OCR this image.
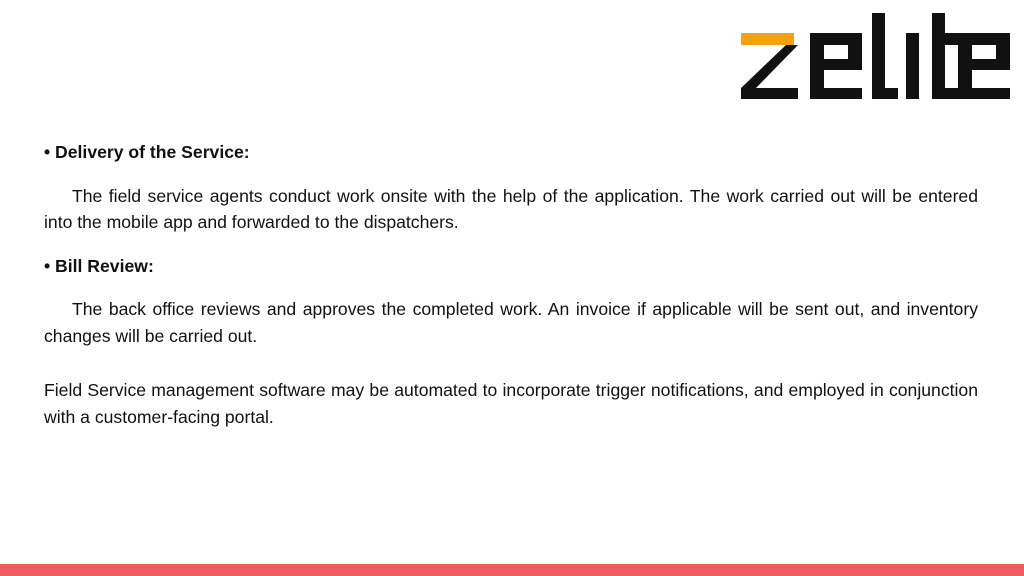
• Delivery of the Service:

The field service agents conduct work onsite with the help of the application. The work carried out will be entered into the mobile app and forwarded to the dispatchers.

• Bill Review:

The back office reviews and approves the completed work. An invoice if applicable will be sent out, and inventory changes will be carried out.

Field Service management software may be automated to incorporate trigger notifications, and employed in conjunction with a customer-facing portal.
